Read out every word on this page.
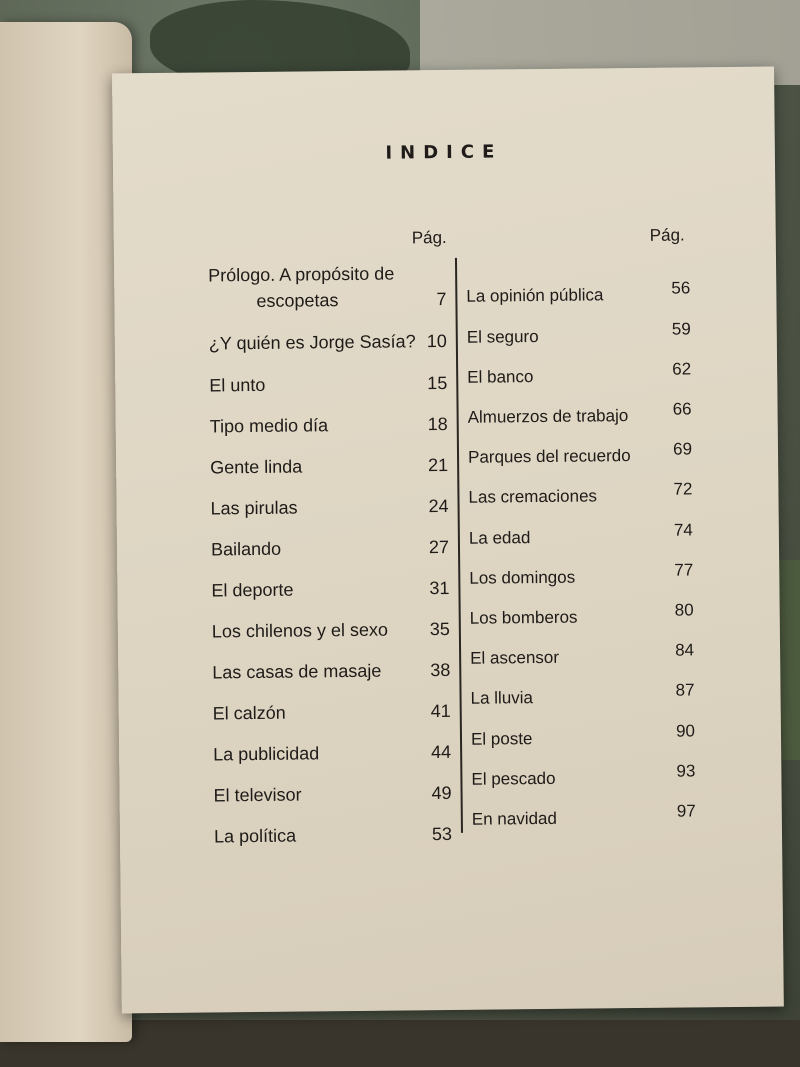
INDICE
Pág.	Pág.
Prólogo. A propósito de
escopetas	7
¿Y quién es Jorge Sasía? 10
El unto	15
Tipo medio día	18
Gente linda	21
Las pirulas	24
Bailando	27
El deporte	31
Los chilenos y el sexo	35
Las casas de masaje	38
El calzón	41
La publicidad	44
El televisor	49
La política	53
La opinión pública	56
El seguro	59
El banco	62
Almuerzos de trabajo	66
Parques del recuerdo	69
Las cremaciones	72
La edad	74
Los domingos	77
Los bomberos	80
El ascensor	84
La lluvia	87
El poste	90
El pescado	93
En navidad	97
